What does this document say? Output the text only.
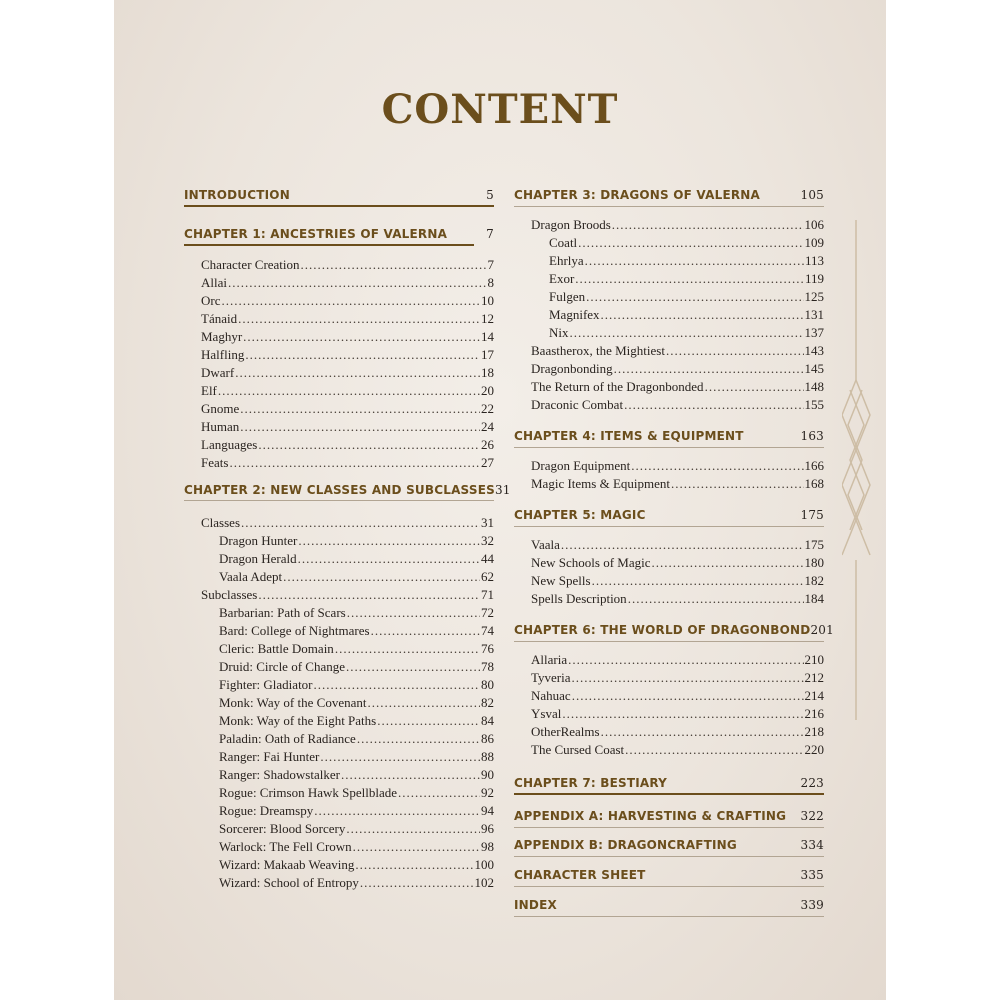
CONTENT
INTRODUCTION	5
CHAPTER 1: ANCESTRIES OF VALERNA	7
Character Creation .....	7
Allai .....	8
Orc .....	10
Tánaid .....	12
Maghyr .....	14
Halfling .....	17
Dwarf .....	18
Elf .....	20
Gnome .....	22
Human .....	24
Languages .....	26
Feats .....	27
CHAPTER 2: NEW CLASSES AND SUBCLASSES 31
Classes .....	31
Dragon Hunter .....	32
Dragon Herald .....	44
Vaala Adept .....	62
Subclasses .....	71
Barbarian: Path of Scars .....	72
Bard: College of Nightmares .....	74
Cleric: Battle Domain .....	76
Druid: Circle of Change .....	78
Fighter: Gladiator .....	80
Monk: Way of the Covenant .....	82
Monk: Way of the Eight Paths .....	84
Paladin: Oath of Radiance .....	86
Ranger: Fai Hunter .....	88
Ranger: Shadowstalker .....	90
Rogue: Crimson Hawk Spellblade .....	92
Rogue: Dreamspy .....	94
Sorcerer: Blood Sorcery .....	96
Warlock: The Fell Crown .....	98
Wizard: Makaab Weaving .....	100
Wizard: School of Entropy .....	102
CHAPTER 3: DRAGONS OF VALERNA	105
Dragon Broods .....	106
Coatl .....	109
Ehrlya .....	113
Exor .....	119
Fulgen .....	125
Magnifex .....	131
Nix .....	137
Baastherox, the Mightiest .....	143
Dragonbonding .....	145
The Return of the Dragonbonded .....	148
Draconic Combat .....	155
CHAPTER 4: ITEMS & EQUIPMENT	163
Dragon Equipment .....	166
Magic Items & Equipment .....	168
CHAPTER 5: MAGIC	175
Vaala .....	175
New Schools of Magic .....	180
New Spells .....	182
Spells Description .....	184
CHAPTER 6: THE WORLD OF DRAGONBOND 201
Allaria .....	210
Tyveria .....	212
Nahuac .....	214
Ysval .....	216
OtherRealms .....	218
The Cursed Coast .....	220
CHAPTER 7: BESTIARY	223
APPENDIX A: HARVESTING & CRAFTING 322
APPENDIX B: DRAGONCRAFTING	334
CHARACTER SHEET	335
INDEX	339
